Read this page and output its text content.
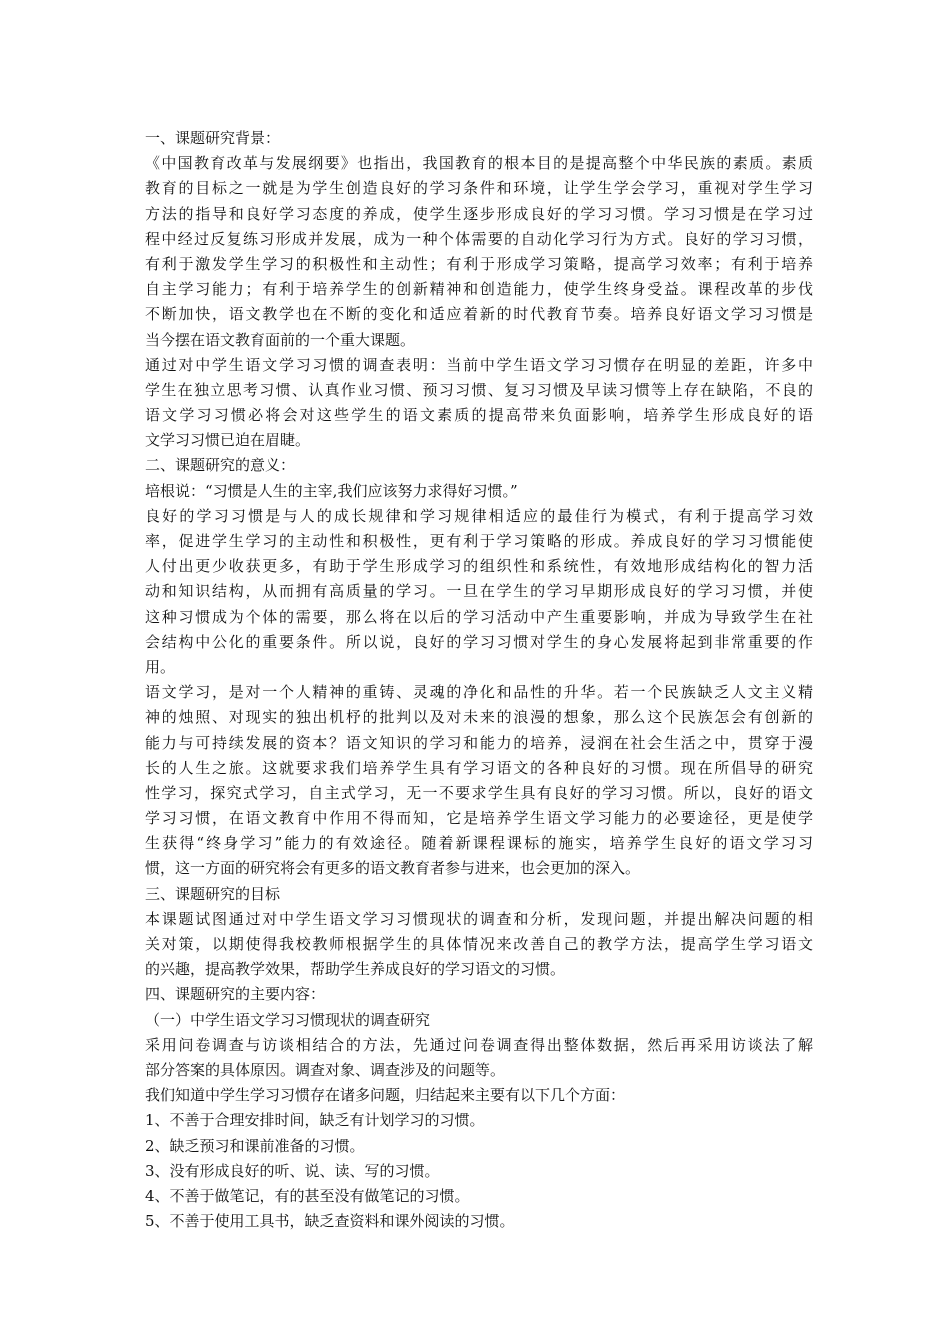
一、课题研究背景：
《中国教育改革与发展纲要》也指出，我国教育的根本目的是提高整个中华民族的素质。素质
教育的目标之一就是为学生创造良好的学习条件和环境，让学生学会学习，重视对学生学习
方法的指导和良好学习态度的养成，使学生逐步形成良好的学习习惯。学习习惯是在学习过
程中经过反复练习形成并发展，成为一种个体需要的自动化学习行为方式。良好的学习习惯，
有利于激发学生学习的积极性和主动性；有利于形成学习策略，提高学习效率；有利于培养
自主学习能力；有利于培养学生的创新精神和创造能力，使学生终身受益。课程改革的步伐
不断加快，语文教学也在不断的变化和适应着新的时代教育节奏。培养良好语文学习习惯是
当今摆在语文教育面前的一个重大课题。
通过对中学生语文学习习惯的调查表明：当前中学生语文学习习惯存在明显的差距，许多中
学生在独立思考习惯、认真作业习惯、预习习惯、复习习惯及早读习惯等上存在缺陷，不良的
语文学习习惯必将会对这些学生的语文素质的提高带来负面影响，培养学生形成良好的语
文学习习惯已迫在眉睫。
二、课题研究的意义：
培根说：“习惯是人生的主宰,我们应该努力求得好习惯。”
良好的学习习惯是与人的成长规律和学习规律相适应的最佳行为模式，有利于提高学习效
率，促进学生学习的主动性和积极性，更有利于学习策略的形成。养成良好的学习习惯能使
人付出更少收获更多，有助于学生形成学习的组织性和系统性，有效地形成结构化的智力活
动和知识结构，从而拥有高质量的学习。一旦在学生的学习早期形成良好的学习习惯，并使
这种习惯成为个体的需要，那么将在以后的学习活动中产生重要影响，并成为导致学生在社
会结构中公化的重要条件。所以说，良好的学习习惯对学生的身心发展将起到非常重要的作
用。
语文学习，是对一个人精神的重铸、灵魂的净化和品性的升华。若一个民族缺乏人文主义精
神的烛照、对现实的独出机杼的批判以及对未来的浪漫的想象，那么这个民族怎会有创新的
能力与可持续发展的资本？语文知识的学习和能力的培养，浸润在社会生活之中，贯穿于漫
长的人生之旅。这就要求我们培养学生具有学习语文的各种良好的习惯。现在所倡导的研究
性学习，探究式学习，自主式学习，无一不要求学生具有良好的学习习惯。所以，良好的语文
学习习惯，在语文教育中作用不得而知，它是培养学生语文学习能力的必要途径，更是使学
生获得“终身学习”能力的有效途径。随着新课程课标的施实，培养学生良好的语文学习习
惯，这一方面的研究将会有更多的语文教育者参与进来，也会更加的深入。
三、课题研究的目标
本课题试图通过对中学生语文学习习惯现状的调查和分析，发现问题，并提出解决问题的相
关对策，以期使得我校教师根据学生的具体情况来改善自己的教学方法，提高学生学习语文
的兴趣，提高教学效果，帮助学生养成良好的学习语文的习惯。
四、课题研究的主要内容：
（一）中学生语文学习习惯现状的调查研究
采用问卷调查与访谈相结合的方法，先通过问卷调查得出整体数据，然后再采用访谈法了解
部分答案的具体原因。调查对象、调查涉及的问题等。
我们知道中学生学习习惯存在诸多问题，归结起来主要有以下几个方面：
1、不善于合理安排时间，缺乏有计划学习的习惯。
2、缺乏预习和课前准备的习惯。
3、没有形成良好的听、说、读、写的习惯。
4、不善于做笔记，有的甚至没有做笔记的习惯。
5、不善于使用工具书，缺乏查资料和课外阅读的习惯。
